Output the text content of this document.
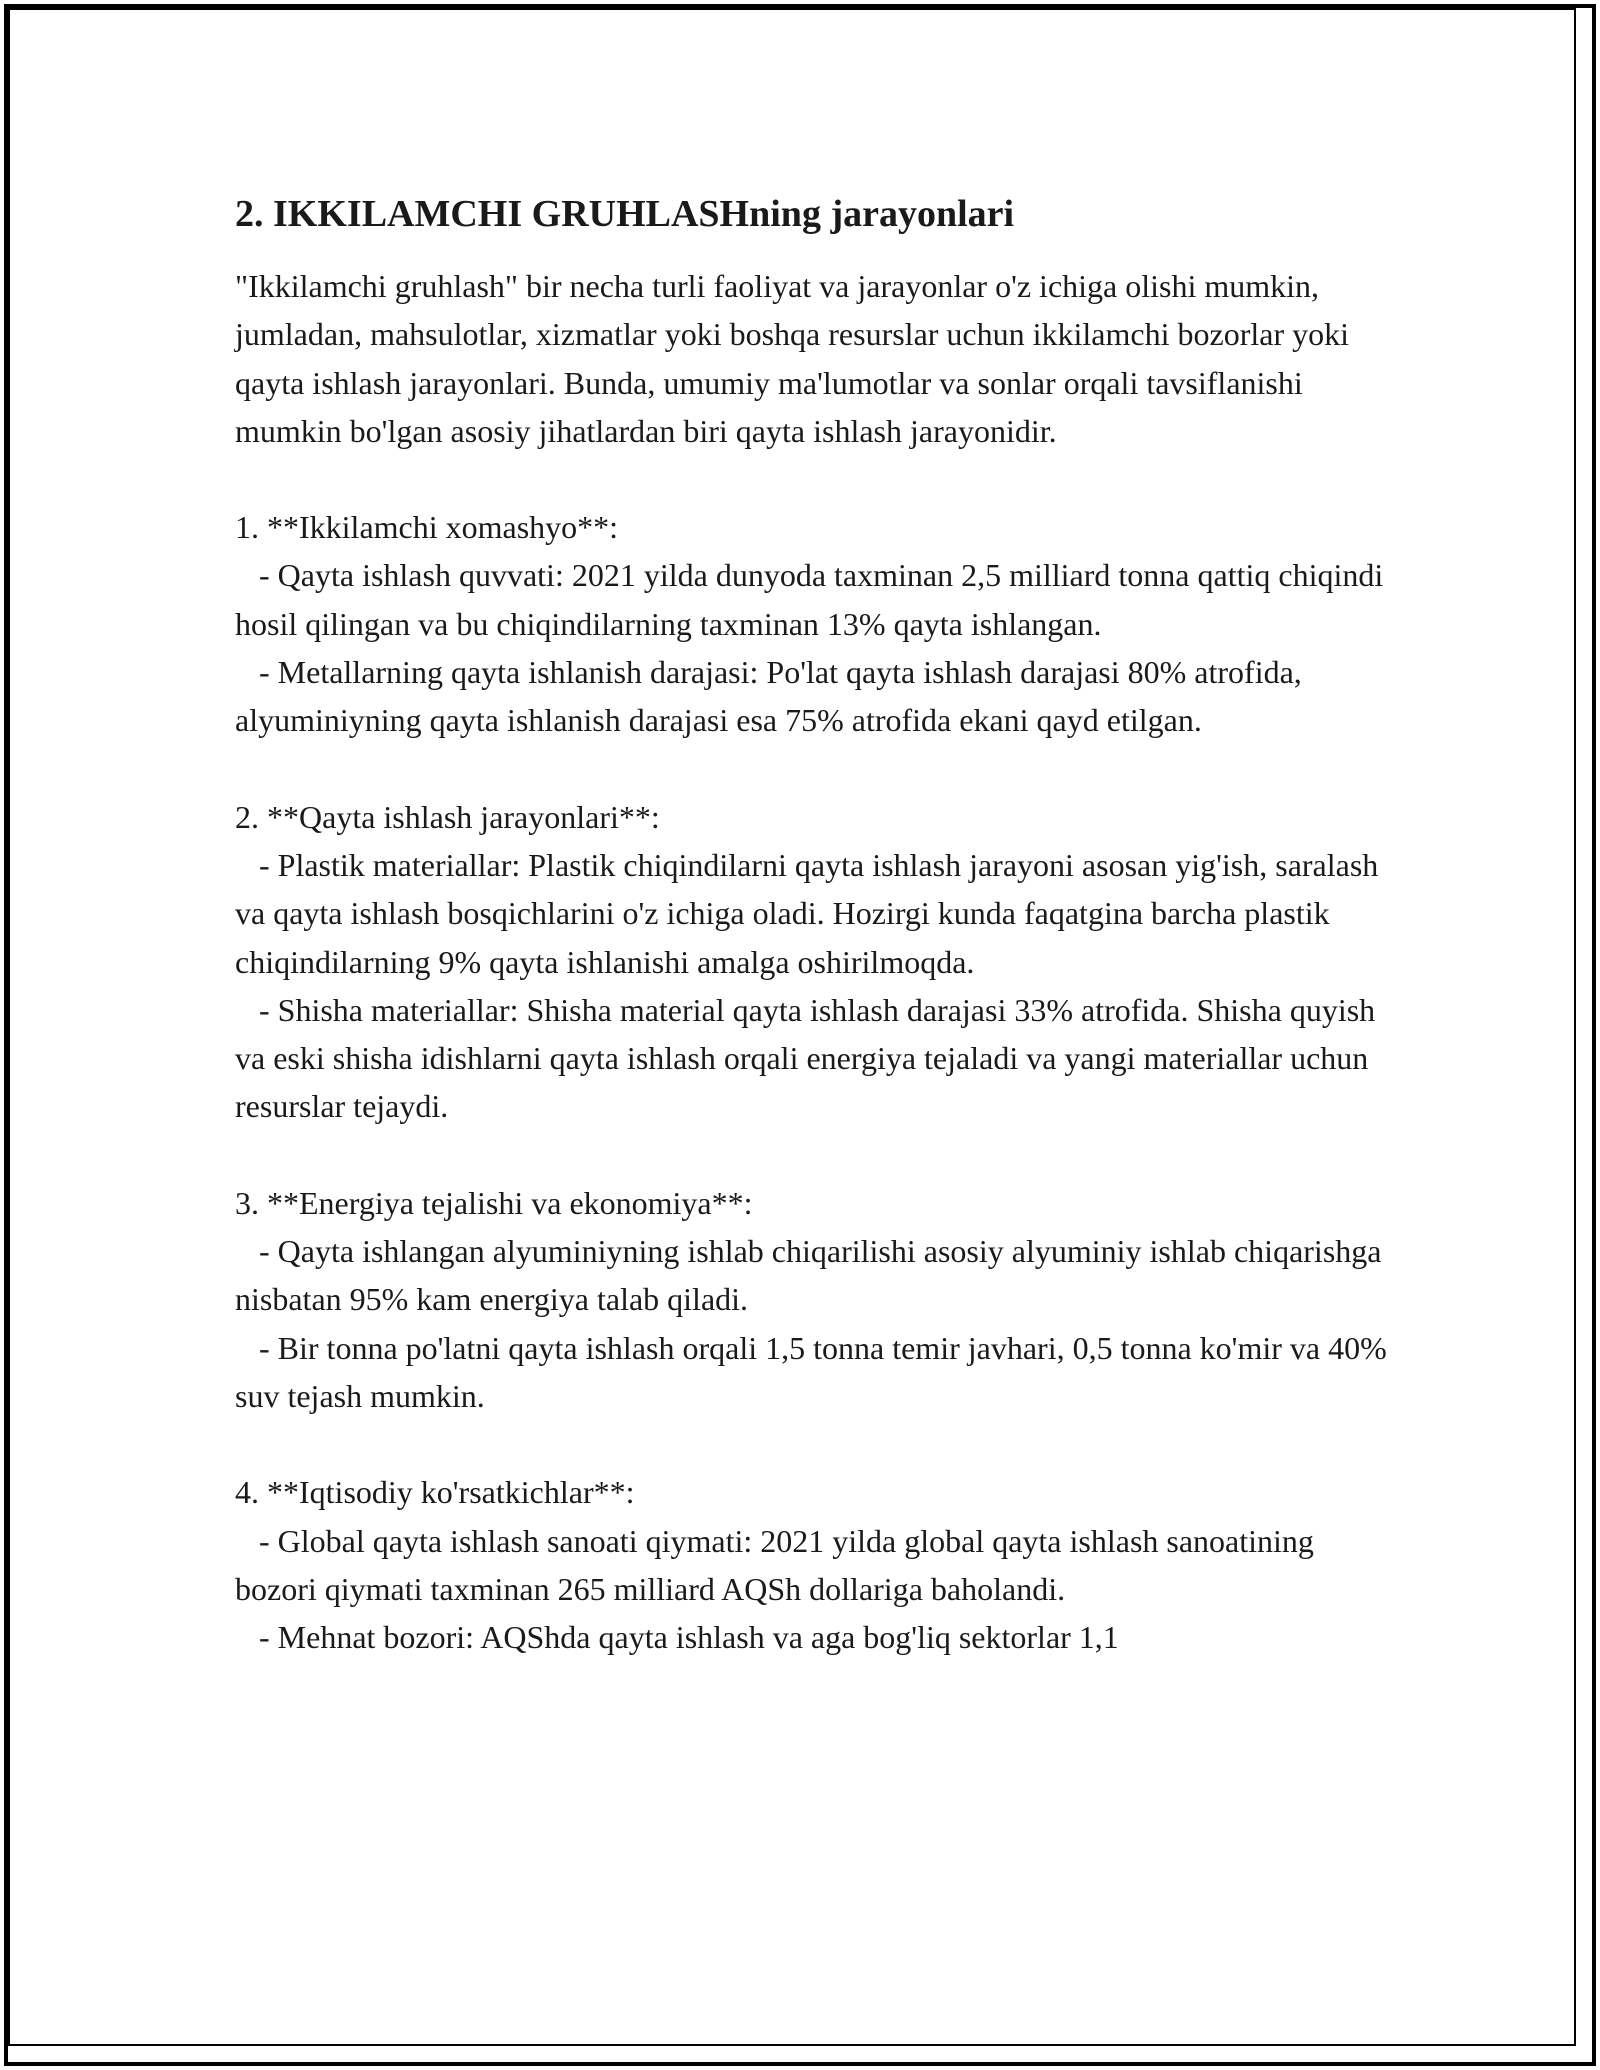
2. IKKILAMCHI GRUHLASHning jarayonlari

"Ikkilamchi gruhlash" bir necha turli faoliyat va jarayonlar o'z ichiga olishi mumkin, jumladan, mahsulotlar, xizmatlar yoki boshqa resurslar uchun ikkilamchi bozorlar yoki qayta ishlash jarayonlari. Bunda, umumiy ma'lumotlar va sonlar orqali tavsiflanishi mumkin bo'lgan asosiy jihatlardan biri qayta ishlash jarayonidir.

1. **Ikkilamchi xomashyo**:

- Qayta ishlash quvvati: 2021 yilda dunyoda taxminan 2,5 milliard tonna qattiq chiqindi hosil qilingan va bu chiqindilarning taxminan 13% qayta ishlangan.

- Metallarning qayta ishlanish darajasi: Po'lat qayta ishlash darajasi 80% atrofida, alyuminiyning qayta ishlanish darajasi esa 75% atrofida ekani qayd etilgan.

2. **Qayta ishlash jarayonlari**:

- Plastik materiallar: Plastik chiqindilarni qayta ishlash jarayoni asosan yig'ish, saralash va qayta ishlash bosqichlarini o'z ichiga oladi. Hozirgi kunda faqatgina barcha plastik chiqindilarning 9% qayta ishlanishi amalga oshirilmoqda.

- Shisha materiallar: Shisha material qayta ishlash darajasi 33% atrofida. Shisha quyish va eski shisha idishlarni qayta ishlash orqali energiya tejaladi va yangi materiallar uchun resurslar tejaydi.

3. **Energiya tejalishi va ekonomiya**:

- Qayta ishlangan alyuminiyning ishlab chiqarilishi asosiy alyuminiy ishlab chiqarishga nisbatan 95% kam energiya talab qiladi.

- Bir tonna po'latni qayta ishlash orqali 1,5 tonna temir javhari, 0,5 tonna ko'mir va 40% suv tejash mumkin.

4. **Iqtisodiy ko'rsatkichlar**:

- Global qayta ishlash sanoati qiymati: 2021 yilda global qayta ishlash sanoatining bozori qiymati taxminan 265 milliard AQSh dollariga baholandi.

- Mehnat bozori: AQShda qayta ishlash va aga bog'liq sektorlar 1,1
